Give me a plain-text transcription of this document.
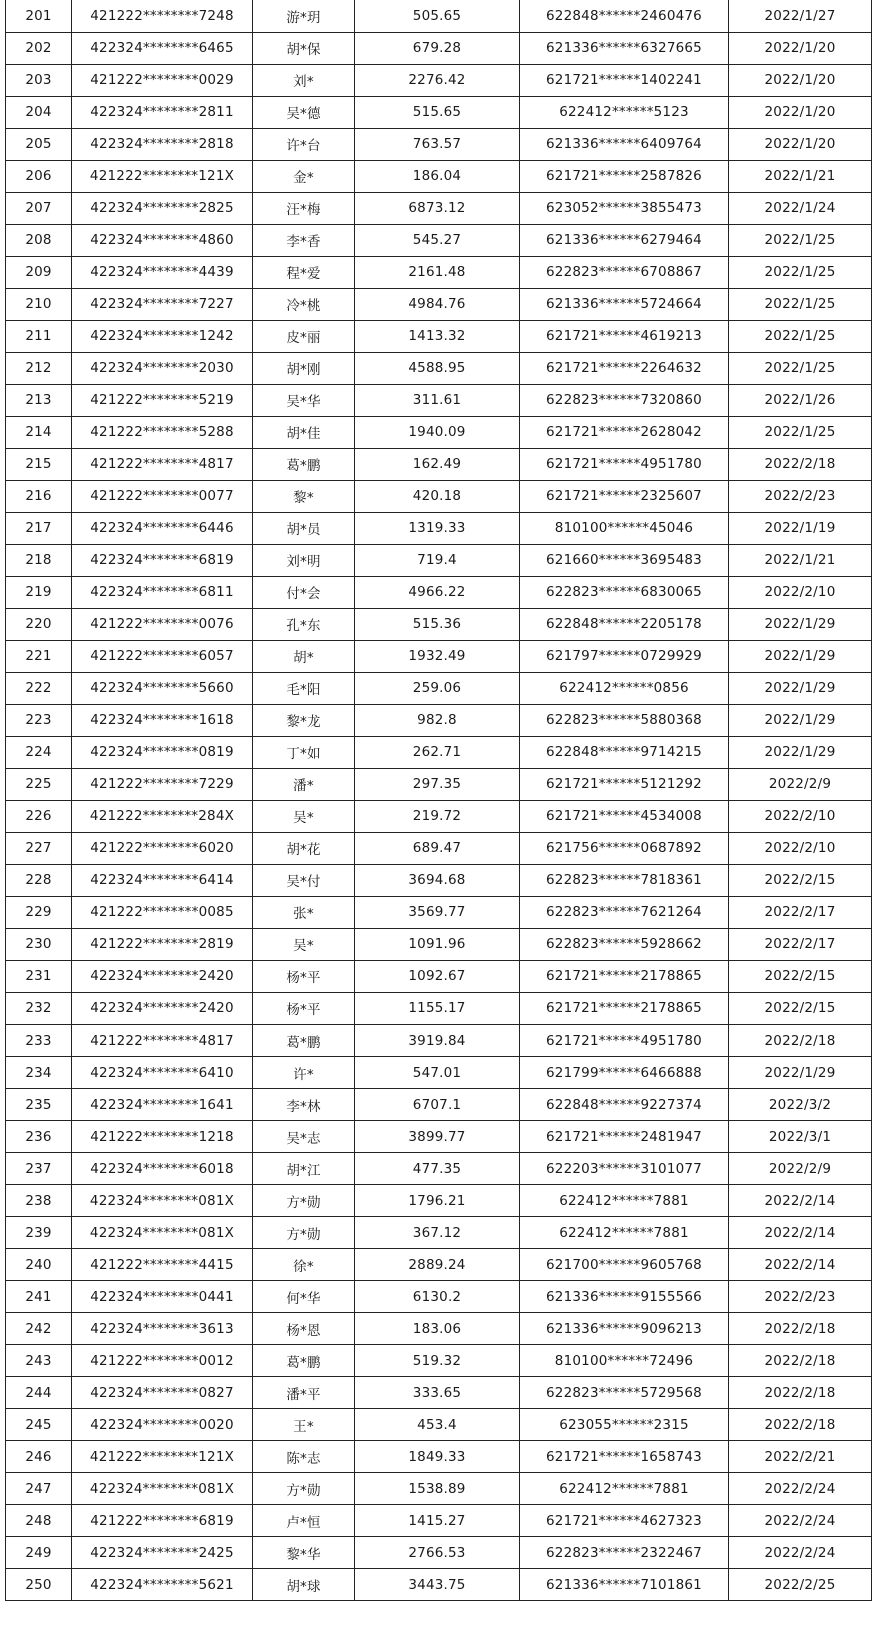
201	421222********7248	游*玥	505.65	622848******2460476	2022/1/27
202	422324********6465	胡*保	679.28	621336******6327665	2022/1/20
203	421222********0029	刘*	2276.42	621721******1402241	2022/1/20
204	422324********2811	吴*德	515.65	622412******5123	2022/1/20
205	422324********2818	许*台	763.57	621336******6409764	2022/1/20
206	421222********121X	金*	186.04	621721******2587826	2022/1/21
207	422324********2825	汪*梅	6873.12	623052******3855473	2022/1/24
208	422324********4860	李*香	545.27	621336******6279464	2022/1/25
209	422324********4439	程*爱	2161.48	622823******6708867	2022/1/25
210	422324********7227	冷*桃	4984.76	621336******5724664	2022/1/25
211	422324********1242	皮*丽	1413.32	621721******4619213	2022/1/25
212	422324********2030	胡*刚	4588.95	621721******2264632	2022/1/25
213	421222********5219	吴*华	311.61	622823******7320860	2022/1/26
214	421222********5288	胡*佳	1940.09	621721******2628042	2022/1/25
215	421222********4817	葛*鹏	162.49	621721******4951780	2022/2/18
216	421222********0077	黎*	420.18	621721******2325607	2022/2/23
217	422324********6446	胡*员	1319.33	810100******45046	2022/1/19
218	422324********6819	刘*明	719.4	621660******3695483	2022/1/21
219	422324********6811	付*会	4966.22	622823******6830065	2022/2/10
220	421222********0076	孔*东	515.36	622848******2205178	2022/1/29
221	421222********6057	胡*	1932.49	621797******0729929	2022/1/29
222	422324********5660	毛*阳	259.06	622412******0856	2022/1/29
223	422324********1618	黎*龙	982.8	622823******5880368	2022/1/29
224	422324********0819	丁*如	262.71	622848******9714215	2022/1/29
225	421222********7229	潘*	297.35	621721******5121292	2022/2/9
226	421222********284X	吴*	219.72	621721******4534008	2022/2/10
227	421222********6020	胡*花	689.47	621756******0687892	2022/2/10
228	422324********6414	吴*付	3694.68	622823******7818361	2022/2/15
229	421222********0085	张*	3569.77	622823******7621264	2022/2/17
230	421222********2819	吴*	1091.96	622823******5928662	2022/2/17
231	422324********2420	杨*平	1092.67	621721******2178865	2022/2/15
232	422324********2420	杨*平	1155.17	621721******2178865	2022/2/15
233	421222********4817	葛*鹏	3919.84	621721******4951780	2022/2/18
234	422324********6410	许*	547.01	621799******6466888	2022/1/29
235	422324********1641	李*林	6707.1	622848******9227374	2022/3/2
236	421222********1218	吴*志	3899.77	621721******2481947	2022/3/1
237	422324********6018	胡*江	477.35	622203******3101077	2022/2/9
238	422324********081X	方*勋	1796.21	622412******7881	2022/2/14
239	422324********081X	方*勋	367.12	622412******7881	2022/2/14
240	421222********4415	徐*	2889.24	621700******9605768	2022/2/14
241	422324********0441	何*华	6130.2	621336******9155566	2022/2/23
242	422324********3613	杨*恩	183.06	621336******9096213	2022/2/18
243	421222********0012	葛*鹏	519.32	810100******72496	2022/2/18
244	422324********0827	潘*平	333.65	622823******5729568	2022/2/18
245	422324********0020	王*	453.4	623055******2315	2022/2/18
246	421222********121X	陈*志	1849.33	621721******1658743	2022/2/21
247	422324********081X	方*勋	1538.89	622412******7881	2022/2/24
248	421222********6819	卢*恒	1415.27	621721******4627323	2022/2/24
249	422324********2425	黎*华	2766.53	622823******2322467	2022/2/24
250	422324********5621	胡*球	3443.75	621336******7101861	2022/2/25
